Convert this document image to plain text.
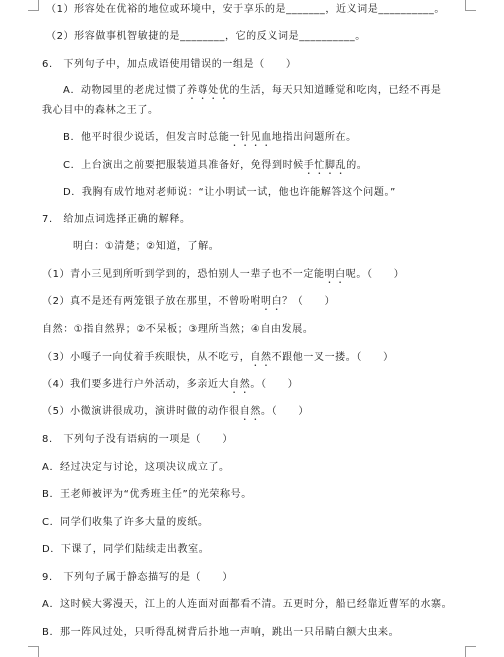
（1）形容处在优裕的地位或环境中，安于享乐的是_______，近义词是__________。
（2）形容做事机智敏捷的是________，它的反义词是__________。
6.　下列句子中，加点成语使用错误的一组是（　　）
A．动物园里的老虎过惯了养尊处优的生活，每天只知道睡觉和吃肉，已经不再是
我心目中的森林之王了。
B．他平时很少说话，但发言时总能一针见血地指出问题所在。
C．上台演出之前要把服装道具准备好，免得到时候手忙脚乱的。
D．我胸有成竹地对老师说：“让小明试一试，他也许能解答这个问题。”
7.　给加点词选择正确的解释。
明白：①清楚；②知道，了解。
（1）青小三见到所听到学到的，恐怕别人一辈子也不一定能明白呢。（　　）
（2）真不是还有两笼银子放在那里，不曾吩咐明白？（　　）
自然：①指自然界；②不呆板；③理所当然；④自由发展。
（3）小嘎子一向仗着手疾眼快，从不吃亏，自然不跟他一叉一搂。（　　）
（4）我们要多进行户外活动，多亲近大自然。（　　）
（5）小微演讲很成功，演讲时做的动作很自然。（　　）
8.　下列句子没有语病的一项是（　　）
A．经过决定与讨论，这项决议成立了。
B．王老师被评为“优秀班主任”的光荣称号。
C．同学们收集了许多大量的废纸。
D．下课了，同学们陆续走出教室。
9.　下列句子属于静态描写的是（　　）
A．这时候大雾漫天，江上的人连面对面都看不清。五更时分，船已经靠近曹军的水寨。
B．那一阵风过处，只听得乱树背后扑地一声响，跳出一只吊睛白额大虫来。
